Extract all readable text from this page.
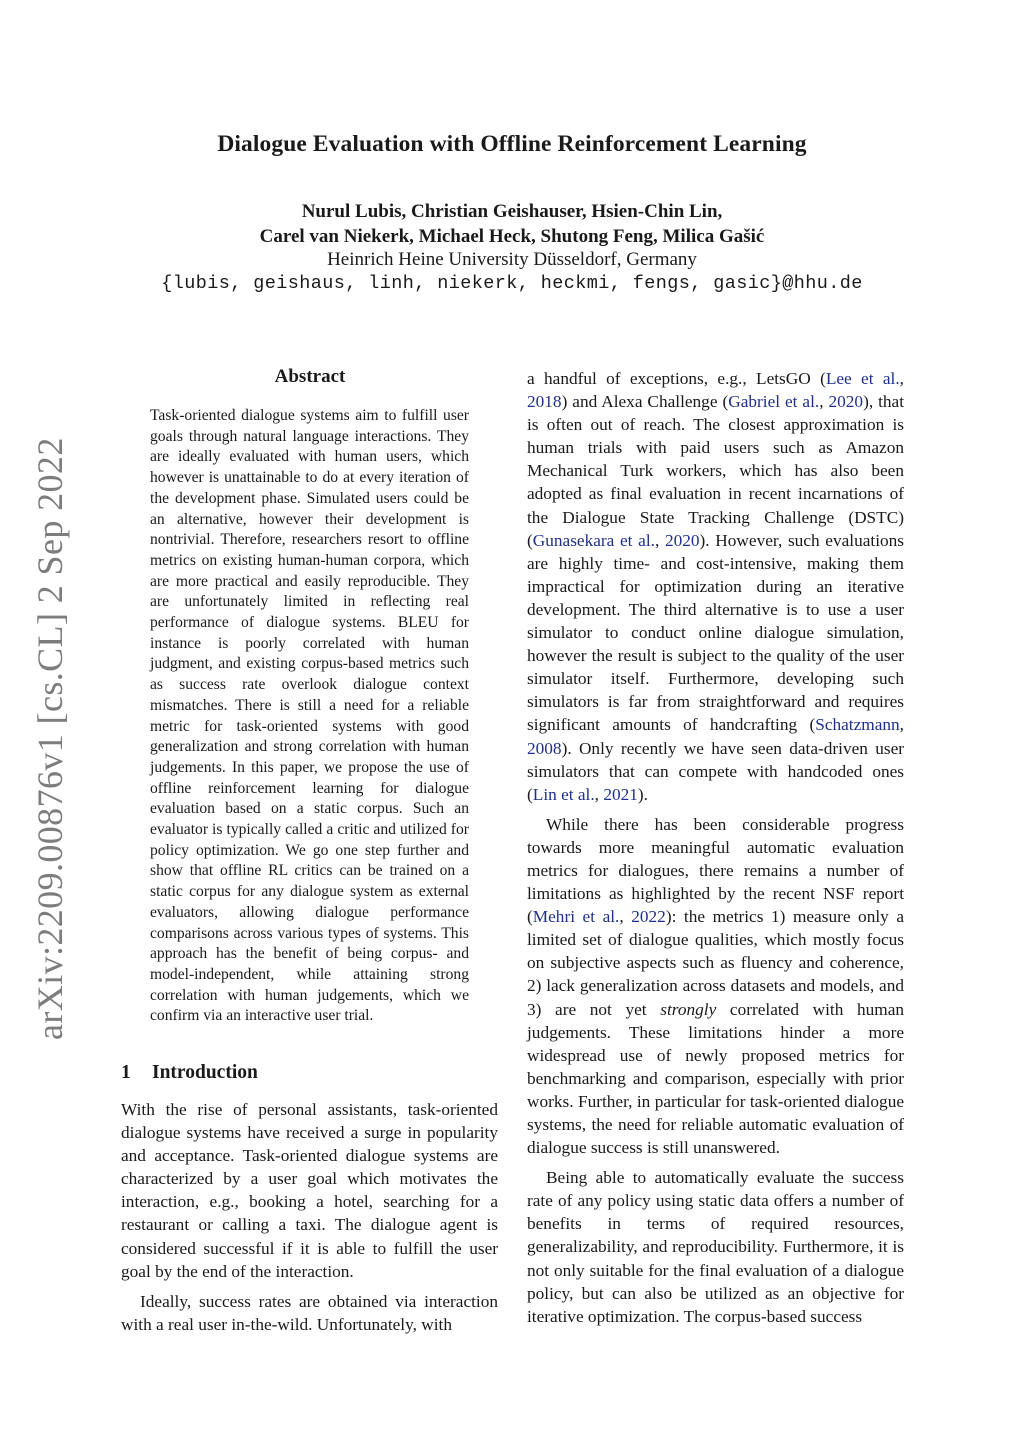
Dialogue Evaluation with Offline Reinforcement Learning
Nurul Lubis, Christian Geishauser, Hsien-Chin Lin,
Carel van Niekerk, Michael Heck, Shutong Feng, Milica Gašić
Heinrich Heine University Düsseldorf, Germany
{lubis, geishaus, linh, niekerk, heckmi, fengs, gasic}@hhu.de
arXiv:2209.00876v1 [cs.CL] 2 Sep 2022
Abstract
Task-oriented dialogue systems aim to fulfill user goals through natural language interactions. They are ideally evaluated with human users, which however is unattainable to do at every iteration of the development phase. Simulated users could be an alternative, however their development is nontrivial. Therefore, researchers resort to offline metrics on existing human-human corpora, which are more practical and easily reproducible. They are unfortunately limited in reflecting real performance of dialogue systems. BLEU for instance is poorly correlated with human judgment, and existing corpus-based metrics such as success rate overlook dialogue context mismatches. There is still a need for a reliable metric for task-oriented systems with good generalization and strong correlation with human judgements. In this paper, we propose the use of offline reinforcement learning for dialogue evaluation based on a static corpus. Such an evaluator is typically called a critic and utilized for policy optimization. We go one step further and show that offline RL critics can be trained on a static corpus for any dialogue system as external evaluators, allowing dialogue performance comparisons across various types of systems. This approach has the benefit of being corpus- and model-independent, while attaining strong correlation with human judgements, which we confirm via an interactive user trial.
1 Introduction

With the rise of personal assistants, task-oriented dialogue systems have received a surge in popularity and acceptance. Task-oriented dialogue systems are characterized by a user goal which motivates the interaction, e.g., booking a hotel, searching for a restaurant or calling a taxi. The dialogue agent is considered successful if it is able to fulfill the user goal by the end of the interaction.

Ideally, success rates are obtained via interaction with a real user in-the-wild. Unfortunately, with

a handful of exceptions, e.g., LetsGO (Lee et al., 2018) and Alexa Challenge (Gabriel et al., 2020), that is often out of reach. The closest approximation is human trials with paid users such as Amazon Mechanical Turk workers, which has also been adopted as final evaluation in recent incarnations of the Dialogue State Tracking Challenge (DSTC) (Gunasekara et al., 2020). However, such evaluations are highly time- and cost-intensive, making them impractical for optimization during an iterative development. The third alternative is to use a user simulator to conduct online dialogue simulation, however the result is subject to the quality of the user simulator itself. Furthermore, developing such simulators is far from straightforward and requires significant amounts of handcrafting (Schatzmann, 2008). Only recently we have seen data-driven user simulators that can compete with handcoded ones (Lin et al., 2021).

While there has been considerable progress towards more meaningful automatic evaluation metrics for dialogues, there remains a number of limitations as highlighted by the recent NSF report (Mehri et al., 2022): the metrics 1) measure only a limited set of dialogue qualities, which mostly focus on subjective aspects such as fluency and coherence, 2) lack generalization across datasets and models, and 3) are not yet strongly correlated with human judgements. These limitations hinder a more widespread use of newly proposed metrics for benchmarking and comparison, especially with prior works. Further, in particular for task-oriented dialogue systems, the need for reliable automatic evaluation of dialogue success is still unanswered.

Being able to automatically evaluate the success rate of any policy using static data offers a number of benefits in terms of required resources, generalizability, and reproducibility. Furthermore, it is not only suitable for the final evaluation of a dialogue policy, but can also be utilized as an objective for iterative optimization. The corpus-based success
